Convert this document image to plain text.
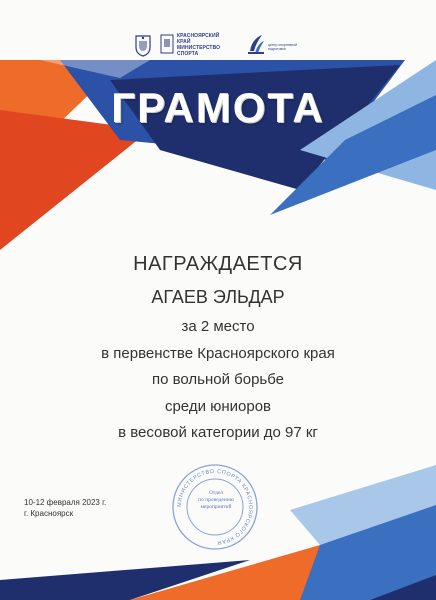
КРАСНОЯРСКИЙ
КРАЙ
МИНИСТЕРСТВО
СПОРТА
центр спортивной
подготовки
ГРАМОТА
НАГРАЖДАЕТСЯ
АГАЕВ ЭЛЬДАР
за 2 место
в первенстве Красноярского края
по вольной борьбе
среди юниоров
в весовой категории до 97 кг
10-12 февраля 2023 г.
г. Красноярск
МИНИСТЕРСТВО СПОРТА КРАСНОЯРСКОГО КРАЯ
Отдел
по проведению
мероприятий
